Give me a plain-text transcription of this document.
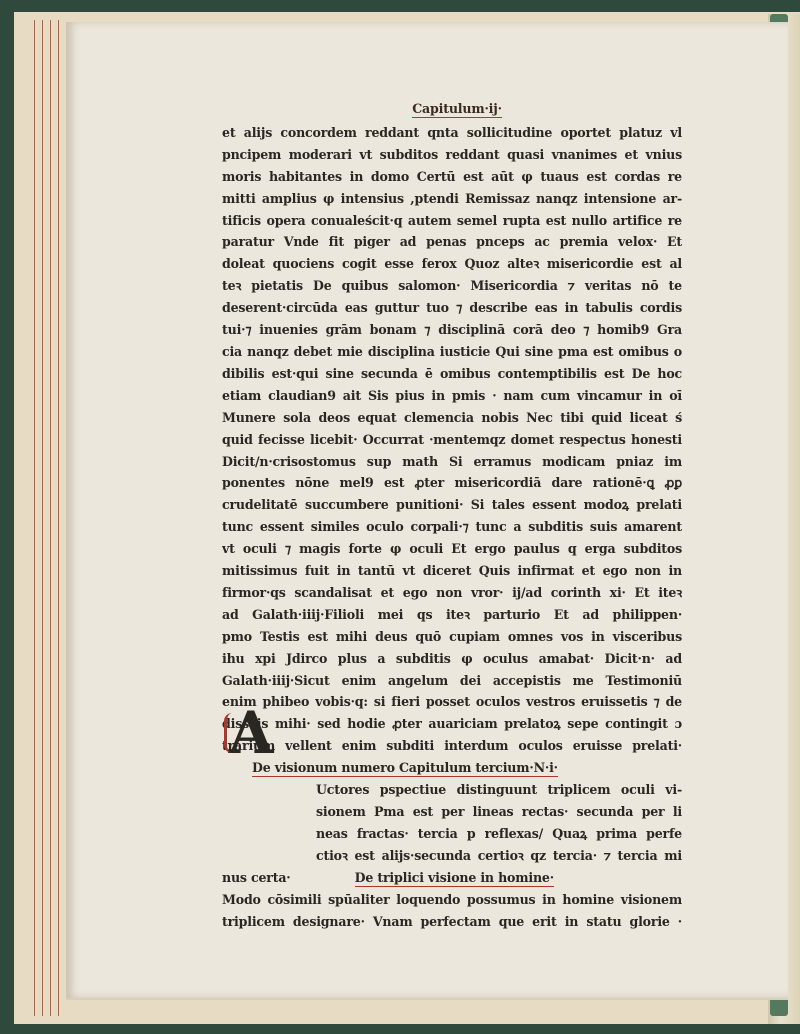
Capitulum·ij·
et alijs concordem reddant qnta sollicitudine oportet platuz vl
pncipem moderari vt subditos reddant quasi vnanimes et vnius
moris habitantes in domo Certū est aūt φ tuaus est cordas re
mitti amplius φ intensius ,ptendi Remissaz nanqz intensione ar-
tificis opera conualeścit·q autem semel rupta est nullo artifice re
paratur Vnde fit piger ad penas pnceps ac premia velox· Et
doleat quociens cogit esse ferox Quoz alteꝛ misericordie est al
teꝛ pietatis De quibus salomon· Misericordia ⁊ veritas nō te
deserent·circūda eas guttur tuo ⁊ describe eas in tabulis cordis
tui·⁊ inuenies grām bonam ⁊ disciplinā corā deo ⁊ homib9 Gra
cia nanqz debet mie disciplina iusticie Qui sine pma est omibus o
dibilis est·qui sine secunda ē omibus contemptibilis est De hoc
etiam claudian9 ait Sis pius in pmis · nam cum vincamur in oī
Munere sola deos equat clemencia nobis Nec tibi quid liceat ś
quid fecisse licebit· Occurrat ·mentemqz domet respectus honesti
Dicit/n·crisostomus sup math Si erramus modicam pniaz im
ponentes nōne mel9 est ꝓter misericordiā dare rationē·ꝗ ꝓꝑ
crudelitatē succumbere punitioni· Si tales essent modoꝝ prelati
tunc essent similes oculo corpali·⁊ tunc a subditis suis amarent
vt oculi ⁊ magis forte φ oculi Et ergo paulus q erga subditos
mitissimus fuit in tantū vt diceret Quis infirmat et ego non in
firmor·qs scandalisat et ego non vror· ij/ad corinth xi· Et iteꝛ
ad Galath·iiij·Filioli mei qs iteꝛ parturio Et ad philippen·
pmo Testis est mihi deus quō cupiam omnes vos in visceribus
ihu xpi Jdirco plus a subditis φ oculus amabat· Dicit·n· ad
Galath·iiij·Sicut enim angelum dei accepistis me Testimoniū
enim phibeo vobis·q: si fieri posset oculos vestros eruissetis ⁊ de
disseis mihi· sed hodie ꝓter auariciam prelatoꝝ sepe contingit ɔ
trarium vellent enim subditi interdum oculos eruisse prelati·
De visionum numero Capitulum tercium·N·i·
Uctores pspectiue distinguunt triplicem oculi vi-
sionem Pma est per lineas rectas· secunda per li
neas fractas· tercia p reflexas/ Quaꝝ prima perfe
ctioꝛ est alijs·secunda certioꝛ qz tercia· ⁊ tercia mi
nus certa·	De triplici visione in homine·
Modo cōsimili spūaliter loquendo possumus in homine visionem
triplicem designare· Vnam perfectam que erit in statu glorie ·
A
